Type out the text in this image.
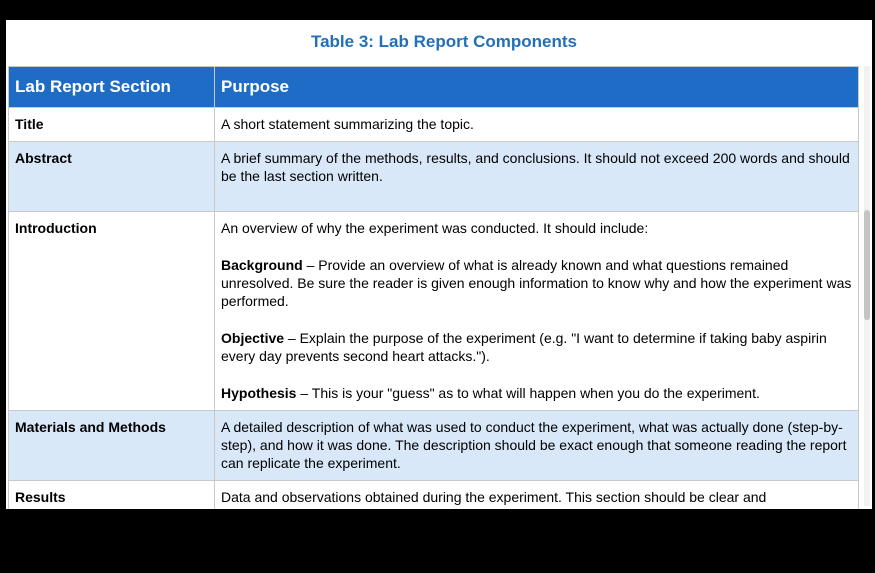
Table 3: Lab Report Components
Lab Report Section	Purpose
Title	A short statement summarizing the topic.
Abstract	A brief summary of the methods, results, and conclusions. It should not exceed 200 words and should be the last section written.
Introduction	An overview of why the experiment was conducted. It should include:
Background – Provide an overview of what is already known and what questions remained unresolved. Be sure the reader is given enough information to know why and how the experiment was performed.
Objective – Explain the purpose of the experiment (e.g. "I want to determine if taking baby aspirin every day prevents second heart attacks.").
Hypothesis – This is your "guess" as to what will happen when you do the experiment.

Materials and Methods	A detailed description of what was used to conduct the experiment, what was actually done (step-by-step), and how it was done. The description should be exact enough that someone reading the report can replicate the experiment.
Results	Data and observations obtained during the experiment. This section should be clear and
